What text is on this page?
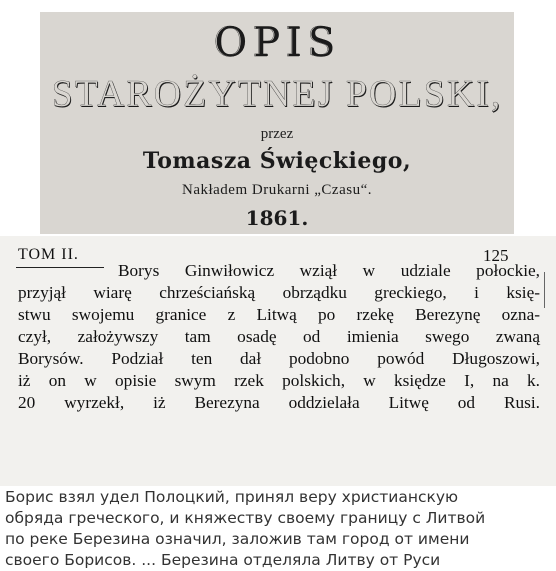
OPIS
STAROŻYTNEJ POLSKI,
przez
Tomasza Święckiego,
Nakładem Drukarni „Czasu“.
1861.
TOM II.	125
Borys Ginwiłowicz wziął w udziale połockie,
przyjął wiarę chrześciańską obrządku greckiego, i księ-
stwu swojemu granice z Litwą po rzekę Berezynę ozna-
czył, założywszy tam osadę od imienia swego zwaną
Borysów. Podział ten dał podobno powód Długoszowi,
iż on w opisie swym rzek polskich, w księdze I, na k.
20 wyrzekł, iż Berezyna oddzielała Litwę od Rusi.
Борис взял удел Полоцкий, принял веру христианскую
обряда греческого, и княжеству своему границу с Литвой
по реке Березина означил, заложив там город от имени
своего Борисов. ... Березина отделяла Литву от Руси
